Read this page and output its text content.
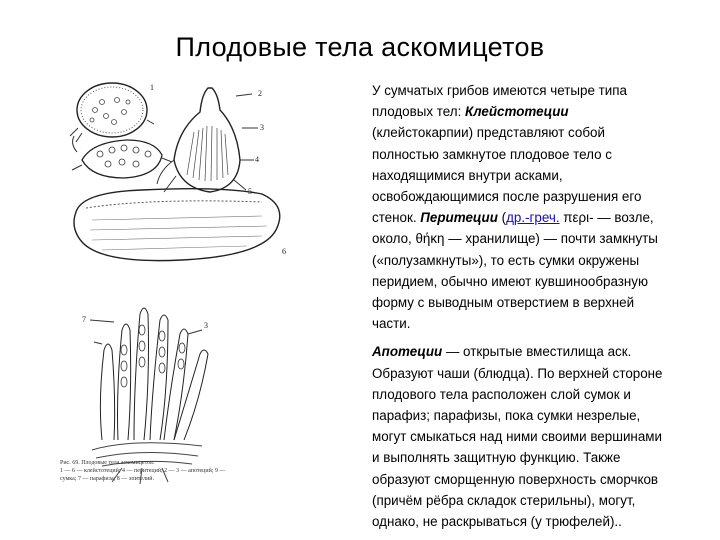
Плодовые тела аскомицетов
1
2
3
4
5
6
7
3
Рис. 69. Плодовые тела аскомицетов:
1 — 6 — клейстотеций; 4 — перитеций; 2 — 3 — апотеций; 9 —
сумка; 7 — парафиза; 8 — эпителий.

У сумчатых грибов имеются четыре типа плодовых тел: Клейстотеции (клейстокарпии) представляют собой полностью замкнутое плодовое тело с находящимися внутри асками, освобождающимися после разрушения его стенок. Перитеции (др.-греч. περι- — возле, около, θήκη — хранилище) — почти замкнуты («полузамкнуты»), то есть сумки окружены перидием, обычно имеют кувшинообразную форму с выводным отверстием в верхней части.

Апотеции — открытые вместилища аск. Образуют чаши (блюдца). По верхней стороне плодового тела расположен слой сумок и парафиз; парафизы, пока сумки незрелые, могут смыкаться над ними своими вершинами и выполнять защитную функцию. Также образуют сморщенную поверхность сморчков (причём рёбра складок стерильны), могут, однако, не раскрываться (у трюфелей)..
